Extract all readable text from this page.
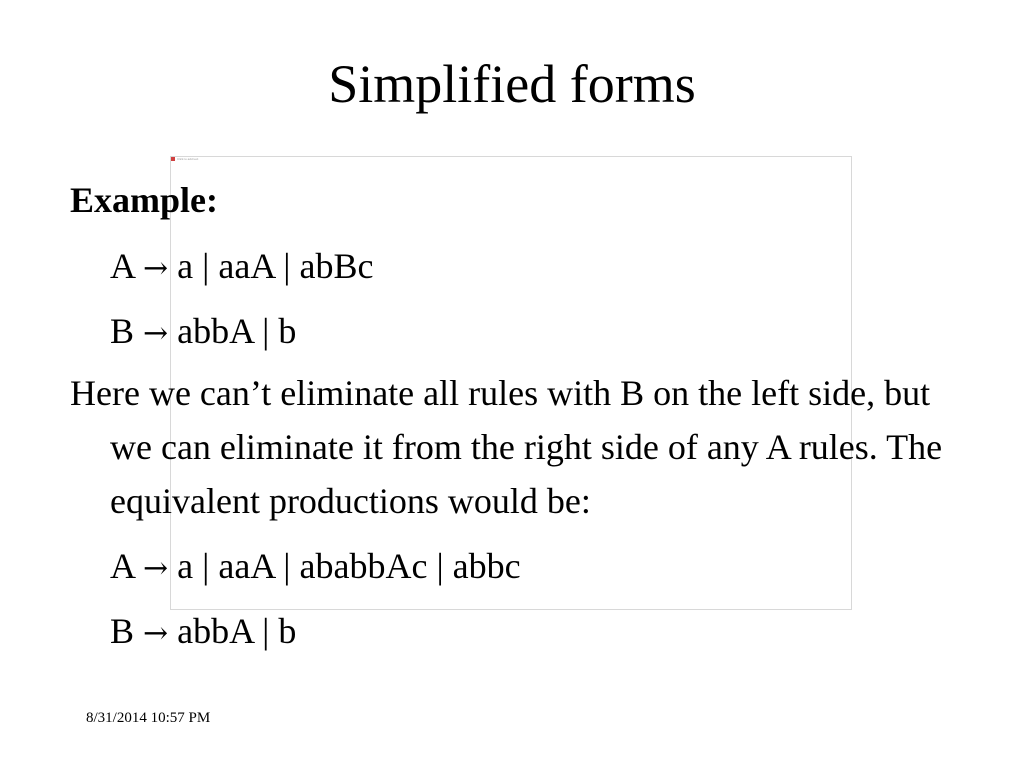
Simplified forms
Click to add text
Example:
A → a | aaA | abBc
B → abbA | b
Here we can’t eliminate all rules with B on the left side, but we can eliminate it from the right side of any A rules. The equivalent productions would be:
A → a | aaA | ababbAc | abbc
B → abbA | b
8/31/2014 10:57 PM
